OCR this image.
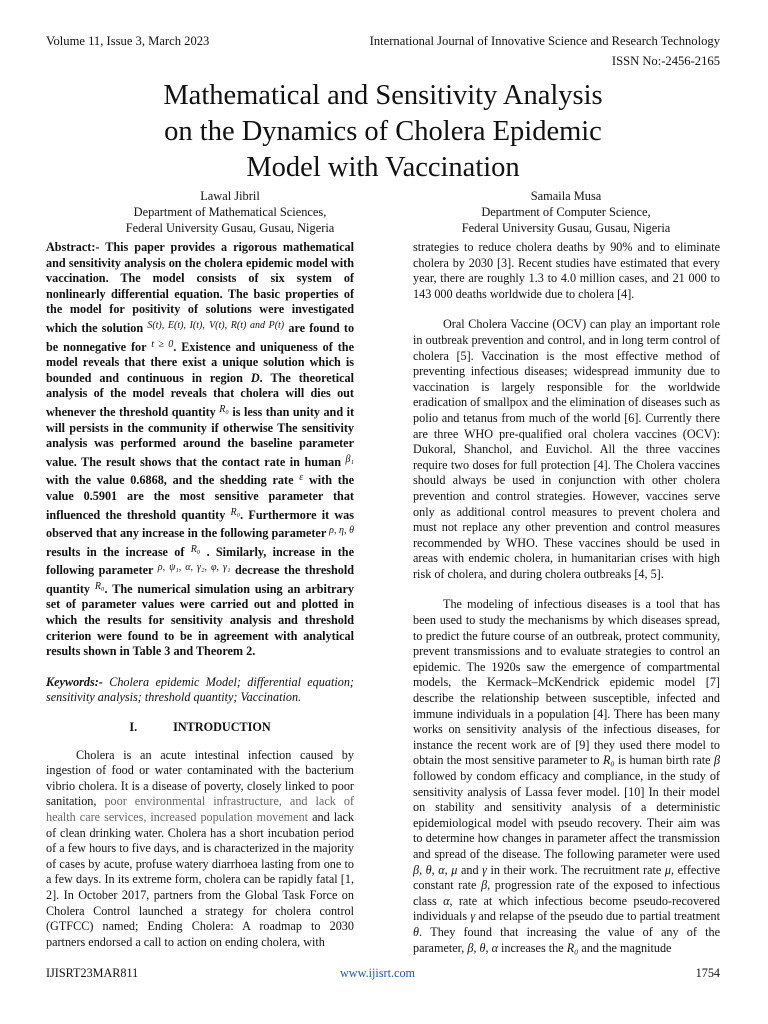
Volume 11, Issue 3, March 2023	International Journal of Innovative Science and Research Technology
ISSN No:-2456-2165
Mathematical and Sensitivity Analysis
on the Dynamics of Cholera Epidemic
Model with Vaccination
Lawal Jibril
Department of Mathematical Sciences,
Federal University Gusau, Gusau, Nigeria
Samaila Musa
Department of Computer Science,
Federal University Gusau, Gusau, Nigeria

Abstract:- This paper provides a rigorous mathematical and sensitivity analysis on the cholera epidemic model with vaccination. The model consists of six system of nonlinearly differential equation. The basic properties of the model for positivity of solutions were investigated which the solution $^{S(t), E(t), I(t),}$ $^{V(t), R(t) and P(t)}$ are found to be nonnegative for $^{t \ge 0}$. Existence and uniqueness of the model reveals that there exist a unique solution which is bounded and continuous in region D. The theoretical analysis of the model reveals that cholera will dies out whenever the threshold quantity $^{R_0}$ is less than unity and it will persists in the community if otherwise The sensitivity analysis was performed around the baseline parameter value. The result shows that the contact rate in human $^{\beta_1}$ with the value 0.6868, and the shedding rate $^\varepsilon$ with the value 0.5901 are the most sensitive parameter that influenced the threshold quantity $^{R_0}$. Furthermore it was observed that any increase in the following parameter $^{\rho, \eta, \theta}$ results in the increase of $^{R_0}$ . Similarly, increase in the following parameter $^{\rho, \psi_1, \alpha, \gamma_2, \varphi, \gamma_1}$ decrease the threshold quantity $^{R_0}$. The numerical simulation using an arbitrary set of parameter values were carried out and plotted in which the results for sensitivity analysis and threshold criterion were found to be in agreement with analytical results shown in Table 3 and Theorem 2.

Keywords:- Cholera epidemic Model; differential equation; sensitivity analysis; threshold quantity; Vaccination.

I.	INTRODUCTION

Cholera is an acute intestinal infection caused by ingestion of food or water contaminated with the bacterium vibrio cholera. It is a disease of poverty, closely linked to poor sanitation, poor environmental infrastructure, and lack of health care services, increased population movement and lack of clean drinking water. Cholera has a short incubation period of a few hours to five days, and is characterized in the majority of cases by acute, profuse watery diarrhoea lasting from one to a few days. In its extreme form, cholera can be rapidly fatal [1, 2]. In October 2017, partners from the Global Task Force on Cholera Control launched a strategy for cholera control (GTFCC) named; Ending Cholera: A roadmap to 2030 partners endorsed a call to action on ending cholera, with

strategies to reduce cholera deaths by 90% and to eliminate cholera by 2030 [3]. Recent studies have estimated that every year, there are roughly 1.3 to 4.0 million cases, and 21 000 to 143 000 deaths worldwide due to cholera [4].

Oral Cholera Vaccine (OCV) can play an important role in outbreak prevention and control, and in long term control of cholera [5]. Vaccination is the most effective method of preventing infectious diseases; widespread immunity due to vaccination is largely responsible for the worldwide eradication of smallpox and the elimination of diseases such as polio and tetanus from much of the world [6]. Currently there are three WHO pre-qualified oral cholera vaccines (OCV): Dukoral, Shanchol, and Euvichol. All the three vaccines require two doses for full protection [4]. The Cholera vaccines should always be used in conjunction with other cholera prevention and control strategies. However, vaccines serve only as additional control measures to prevent cholera and must not replace any other prevention and control measures recommended by WHO. These vaccines should be used in areas with endemic cholera, in humanitarian crises with high risk of cholera, and during cholera outbreaks [4, 5].

The modeling of infectious diseases is a tool that has been used to study the mechanisms by which diseases spread, to predict the future course of an outbreak, protect community, prevent transmissions and to evaluate strategies to control an epidemic. The 1920s saw the emergence of compartmental models, the Kermack–McKendrick epidemic model [7] describe the relationship between susceptible, infected and immune individuals in a population [4]. There has been many works on sensitivity analysis of the infectious diseases, for instance the recent work are of [9] they used there model to obtain the most sensitive parameter to R₀ is human birth rate β followed by condom efficacy and compliance, in the study of sensitivity analysis of Lassa fever model. [10] In their model on stability and sensitivity analysis of a deterministic epidemiological model with pseudo recovery. Their aim was to determine how changes in parameter affect the transmission and spread of the disease. The following parameter were used β, θ, α, μ and γ in their work. The recruitment rate μ, effective constant rate β, progression rate of the exposed to infectious class α, rate at which infectious become pseudo-recovered individuals γ and relapse of the pseudo due to partial treatment θ. They found that increasing the value of any of the parameter, β, θ, α increases the R₀ and the magnitude

IJISRT23MAR811	www.ijisrt.com	1754
